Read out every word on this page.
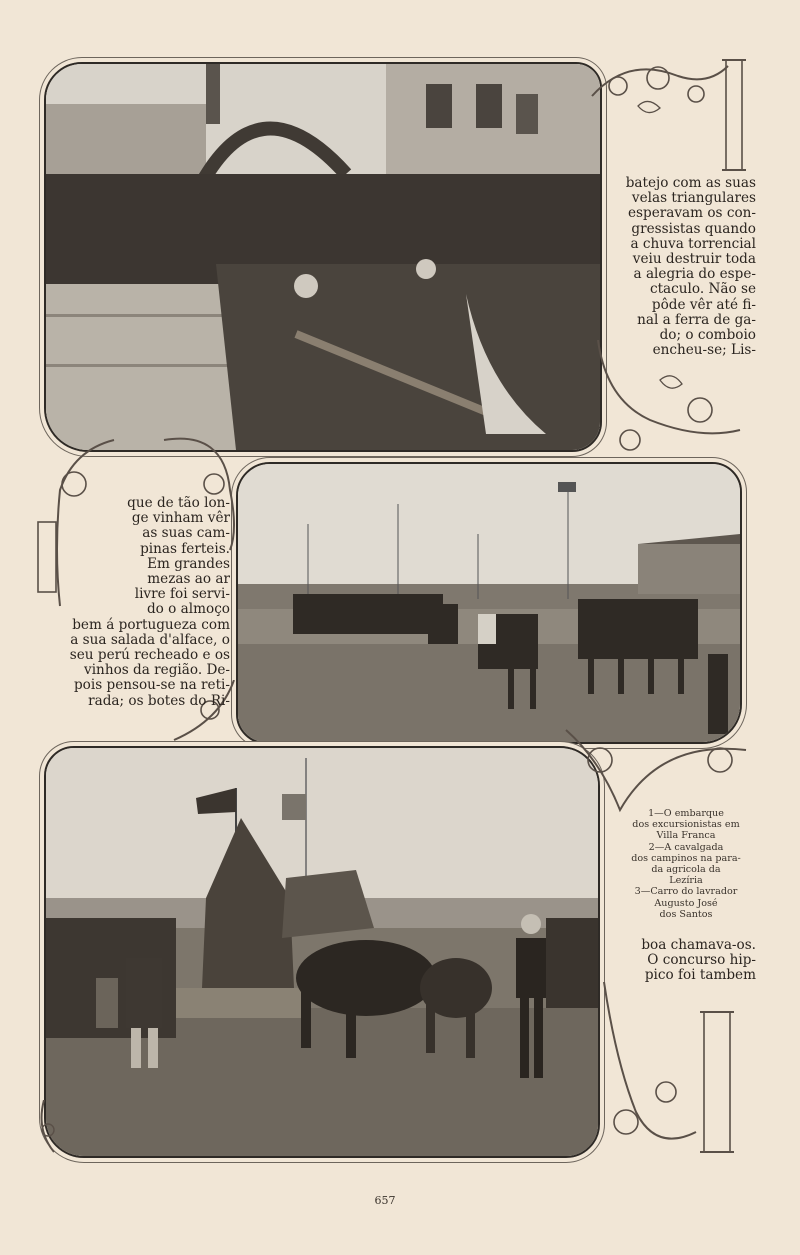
batejo com as suas
velas triangulares
esperavam os con-
gressistas quando
a chuva torrencial
veiu destruir toda
a alegria do espe-
ctaculo. Não se
pôde vêr até fi-
nal a ferra de ga-
do; o comboio
encheu-se; Lis-
que de tão lon-
ge vinham vêr
as suas cam-
pinas ferteis.
Em grandes
mezas ao ar
livre foi servi-
do o almoço
bem á portugueza com
a sua salada d'alface, o
seu perú recheado e os
vinhos da região. De-
pois pensou-se na reti-
rada; os botes do Ri-
boa chamava-os.
O concurso hip-
pico foi tambem
1—O embarque
dos excursionistas em
Villa Franca
2—A cavalgada
dos campinos na para-
da agricola da
Lezíria
3—Carro do lavrador
Augusto José
dos Santos
657
